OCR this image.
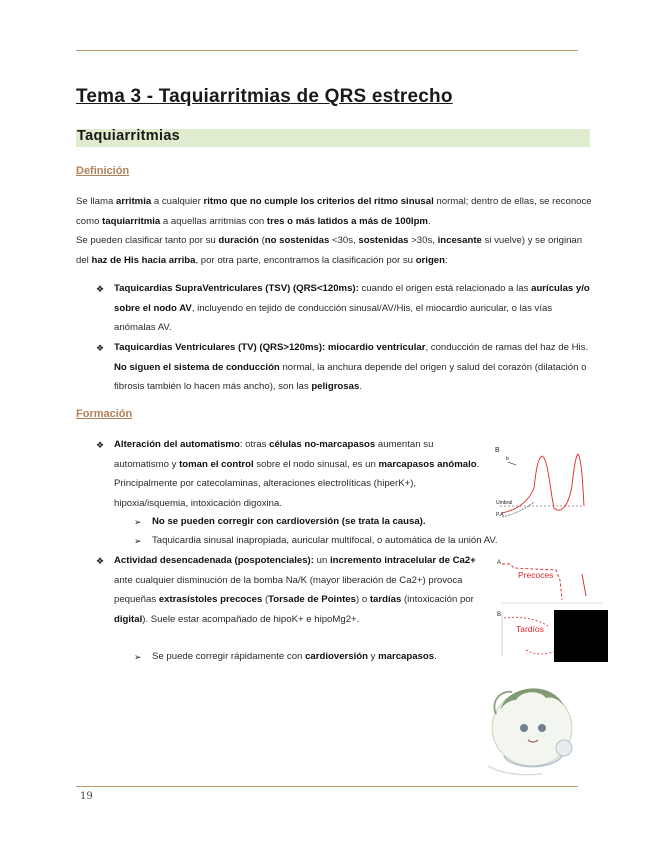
Tema 3 - Taquiarritmias de QRS estrecho
Taquiarritmias
Definición

Se llama arritmia a cualquier ritmo que no cumple los criterios del ritmo sinusal normal; dentro de ellas, se reconoce como taquiarritmia a aquellas arritmias con tres o más latidos a más de 100lpm.

Se pueden clasificar tanto por su duración (no sostenidas <30s, sostenidas >30s, incesante si vuelve) y se originan del haz de His hacia arriba, por otra parte, encontramos la clasificación por su origen:

❖ Taquicardias SupraVentriculares (TSV) (QRS<120ms): cuando el origen está relacionado a las aurículas y/o sobre el nodo AV, incluyendo en tejido de conducción sinusal/AV/His, el miocardio auricular, o las vías anómalas AV.

❖ Taquicardias Ventriculares (TV) (QRS>120ms): miocardio ventricular, conducción de ramas del haz de His. No siguen el sistema de conducción normal, la anchura depende del origen y salud del corazón (dilatación o fibrosis también lo hacen más ancho), son las peligrosas.

Formación
❖ Alteración del automatismo: otras células no-marcapasos aumentan su automatismo y toman el control sobre el nodo sinusal, es un marcapasos anómalo. Principalmente por catecolaminas, alteraciones electrolíticas (hiperK+), hipoxia/isquemia, intoxicación digoxina.

➢ No se pueden corregir con cardioversión (se trata la causa).

➢ Taquicardia sinusal inapropiada, auricular multifocal, o automática de la unión AV.

❖ Actividad desencadenada (pospotenciales): un incremento intracelular de Ca2+ ante cualquier disminución de la bomba Na/K (mayor liberación de Ca2+) provoca pequeñas extrasístoles precoces (Torsade de Pointes) o tardías (intoxicación por digital). Suele estar acompañado de hipoK+ e hipoMg2+.

➢ Se puede corregir rápidamente con cardioversión y marcapasos.

B
b
Umbral
P.A
A
Precoces
B
Tardíos
19
